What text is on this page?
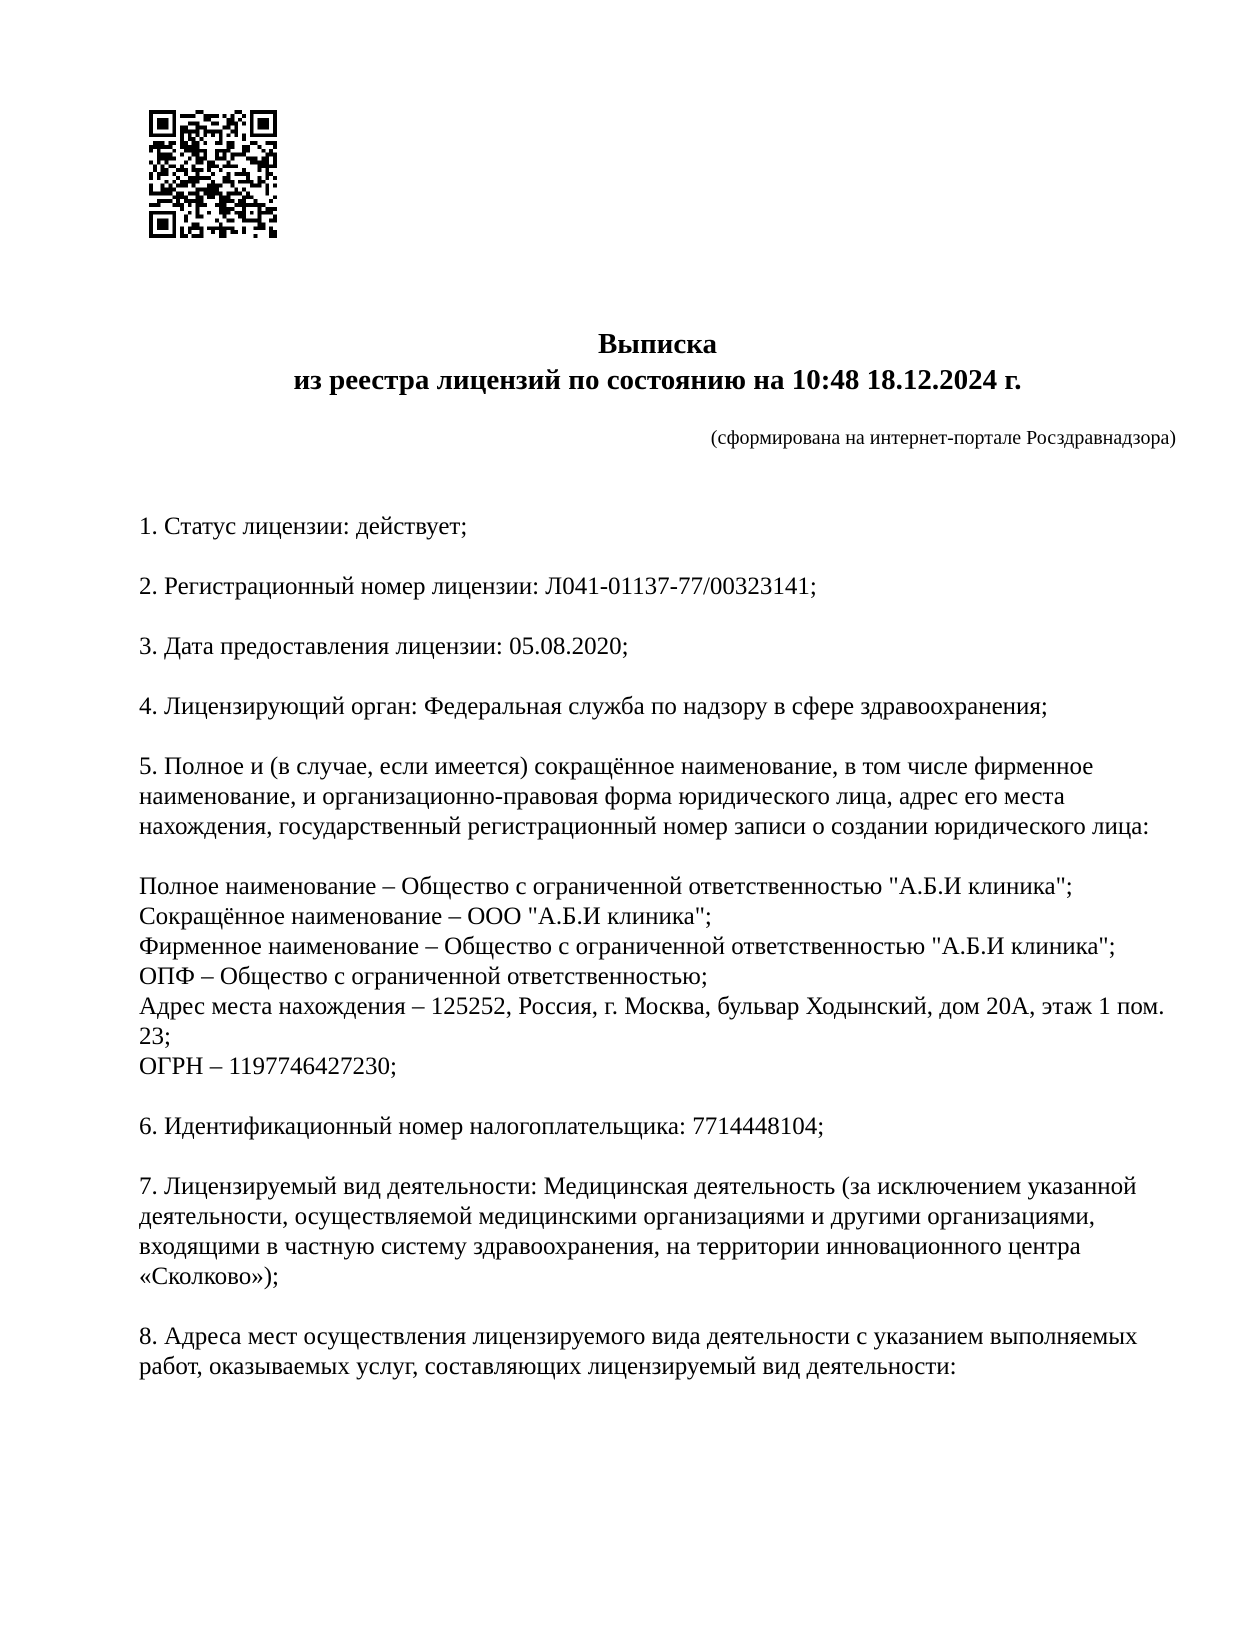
Выписка
из реестра лицензий по состоянию на 10:48 18.12.2024 г.
(сформирована на интернет-портале Росздравнадзора)
1. Статус лицензии: действует;
2. Регистрационный номер лицензии: Л041-01137-77/00323141;
3. Дата предоставления лицензии: 05.08.2020;
4. Лицензирующий орган: Федеральная служба по надзору в сфере здравоохранения;
5. Полное и (в случае, если имеется) сокращённое наименование, в том числе фирменное
наименование, и организационно-правовая форма юридического лица, адрес его места
нахождения, государственный регистрационный номер записи о создании юридического лица:
Полное наименование – Общество с ограниченной ответственностью "А.Б.И клиника";
Сокращённое наименование – ООО "А.Б.И клиника";
Фирменное наименование – Общество с ограниченной ответственностью "А.Б.И клиника";
ОПФ – Общество с ограниченной ответственностью;
Адрес места нахождения – 125252, Россия, г. Москва, бульвар Ходынский, дом 20А, этаж 1 пом.
23;
ОГРН – 1197746427230;
6. Идентификационный номер налогоплательщика: 7714448104;
7. Лицензируемый вид деятельности: Медицинская деятельность (за исключением указанной
деятельности, осуществляемой медицинскими организациями и другими организациями,
входящими в частную систему здравоохранения, на территории инновационного центра
«Сколково»);
8. Адреса мест осуществления лицензируемого вида деятельности с указанием выполняемых
работ, оказываемых услуг, составляющих лицензируемый вид деятельности:
